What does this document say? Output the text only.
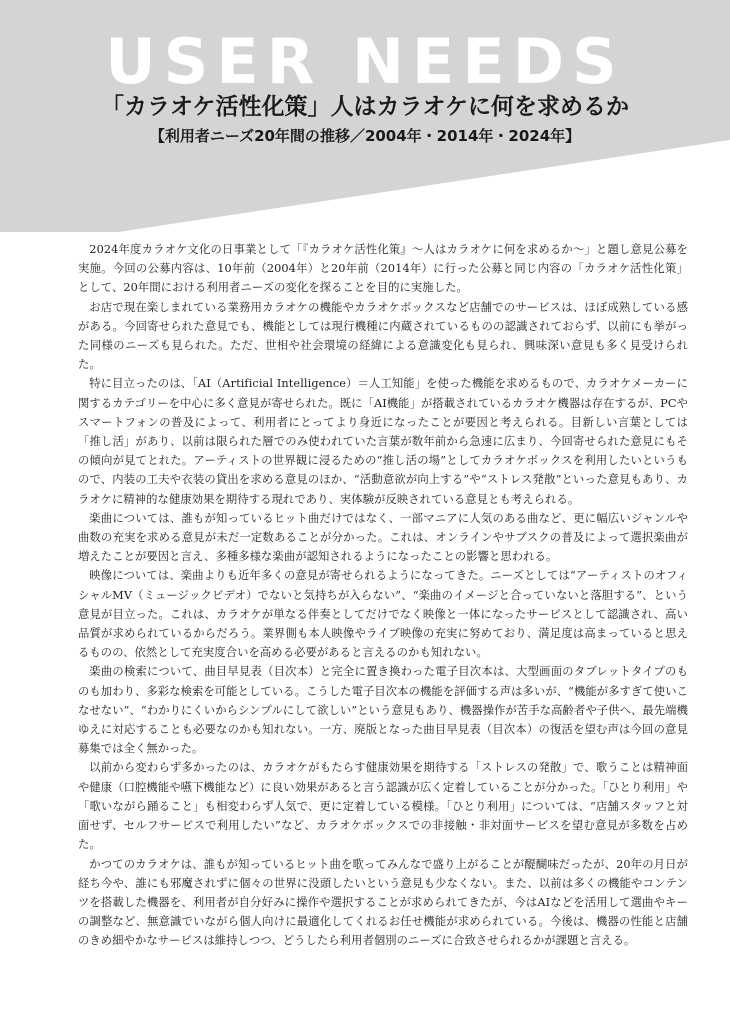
USER NEEDS
「カラオケ活性化策」人はカラオケに何を求めるか
【利用者ニーズ20年間の推移／2004年・2014年・2024年】

2024年度カラオケ文化の日事業として「『カラオケ活性化策』～人はカラオケに何を求めるか～」と題し意見公募を実施。今回の公募内容は、10年前（2004年）と20年前（2014年）に行った公募と同じ内容の「カラオケ活性化策」として、20年間における利用者ニーズの変化を探ることを目的に実施した。

お店で現在楽しまれている業務用カラオケの機能やカラオケボックスなど店舗でのサービスは、ほぼ成熟している感がある。今回寄せられた意見でも、機能としては現行機種に内蔵されているものの認識されておらず、以前にも挙がった同様のニーズも見られた。ただ、世相や社会環境の経緯による意識変化も見られ、興味深い意見も多く見受けられた。

特に目立ったのは、「AI（Artificial Intelligence）＝人工知能」を使った機能を求めるもので、カラオケメーカーに関するカテゴリーを中心に多く意見が寄せられた。既に「AI機能」が搭載されているカラオケ機器は存在するが、PCやスマートフォンの普及によって、利用者にとってより身近になったことが要因と考えられる。目新しい言葉としては「推し活」があり、以前は限られた層でのみ使われていた言葉が数年前から急速に広まり、今回寄せられた意見にもその傾向が見てとれた。アーティストの世界観に浸るための“推し活の場”としてカラオケボックスを利用したいというもので、内装の工夫や衣装の貸出を求める意見のほか、“活動意欲が向上する”や“ストレス発散”といった意見もあり、カラオケに精神的な健康効果を期待する現れであり、実体験が反映されている意見とも考えられる。

楽曲については、誰もが知っているヒット曲だけではなく、一部マニアに人気のある曲など、更に幅広いジャンルや曲数の充実を求める意見が未だ一定数あることが分かった。これは、オンラインやサブスクの普及によって選択楽曲が増えたことが要因と言え、多種多様な楽曲が認知されるようになったことの影響と思われる。

映像については、楽曲よりも近年多くの意見が寄せられるようになってきた。ニーズとしては“アーティストのオフィシャルMV（ミュージックビデオ）でないと気持ちが入らない”、“楽曲のイメージと合っていないと落胆する”、という意見が目立った。これは、カラオケが単なる伴奏としてだけでなく映像と一体になったサービスとして認識され、高い品質が求められているからだろう。業界側も本人映像やライブ映像の充実に努めており、満足度は高まっていると思えるものの、依然として充実度合いを高める必要があると言えるのかも知れない。

楽曲の検索について、曲目早見表（目次本）と完全に置き換わった電子目次本は、大型画面のタブレットタイプのものも加わり、多彩な検索を可能としている。こうした電子目次本の機能を評価する声は多いが、“機能が多すぎて使いこなせない”、“わかりにくいからシンプルにして欲しい”という意見もあり、機器操作が苦手な高齢者や子供へ、最先端機ゆえに対応することも必要なのかも知れない。一方、廃版となった曲目早見表（目次本）の復活を望む声は今回の意見募集では全く無かった。

以前から変わらず多かったのは、カラオケがもたらす健康効果を期待する「ストレスの発散」で、歌うことは精神面や健康（口腔機能や嚥下機能など）に良い効果があると言う認識が広く定着していることが分かった。「ひとり利用」や「歌いながら踊ること」も相変わらず人気で、更に定着している模様。「ひとり利用」については、“店舗スタッフと対面せず、セルフサービスで利用したい”など、カラオケボックスでの非接触・非対面サービスを望む意見が多数を占めた。

かつてのカラオケは、誰もが知っているヒット曲を歌ってみんなで盛り上がることが醍醐味だったが、20年の月日が経ち今や、誰にも邪魔されずに個々の世界に没頭したいという意見も少なくない。また、以前は多くの機能やコンテンツを搭載した機器を、利用者が自分好みに操作や選択することが求められてきたが、今はAIなどを活用して選曲やキーの調整など、無意識でいながら個人向けに最適化してくれるお任せ機能が求められている。今後は、機器の性能と店舗のきめ細やかなサービスは維持しつつ、どうしたら利用者個別のニーズに合致させられるかが課題と言える。
